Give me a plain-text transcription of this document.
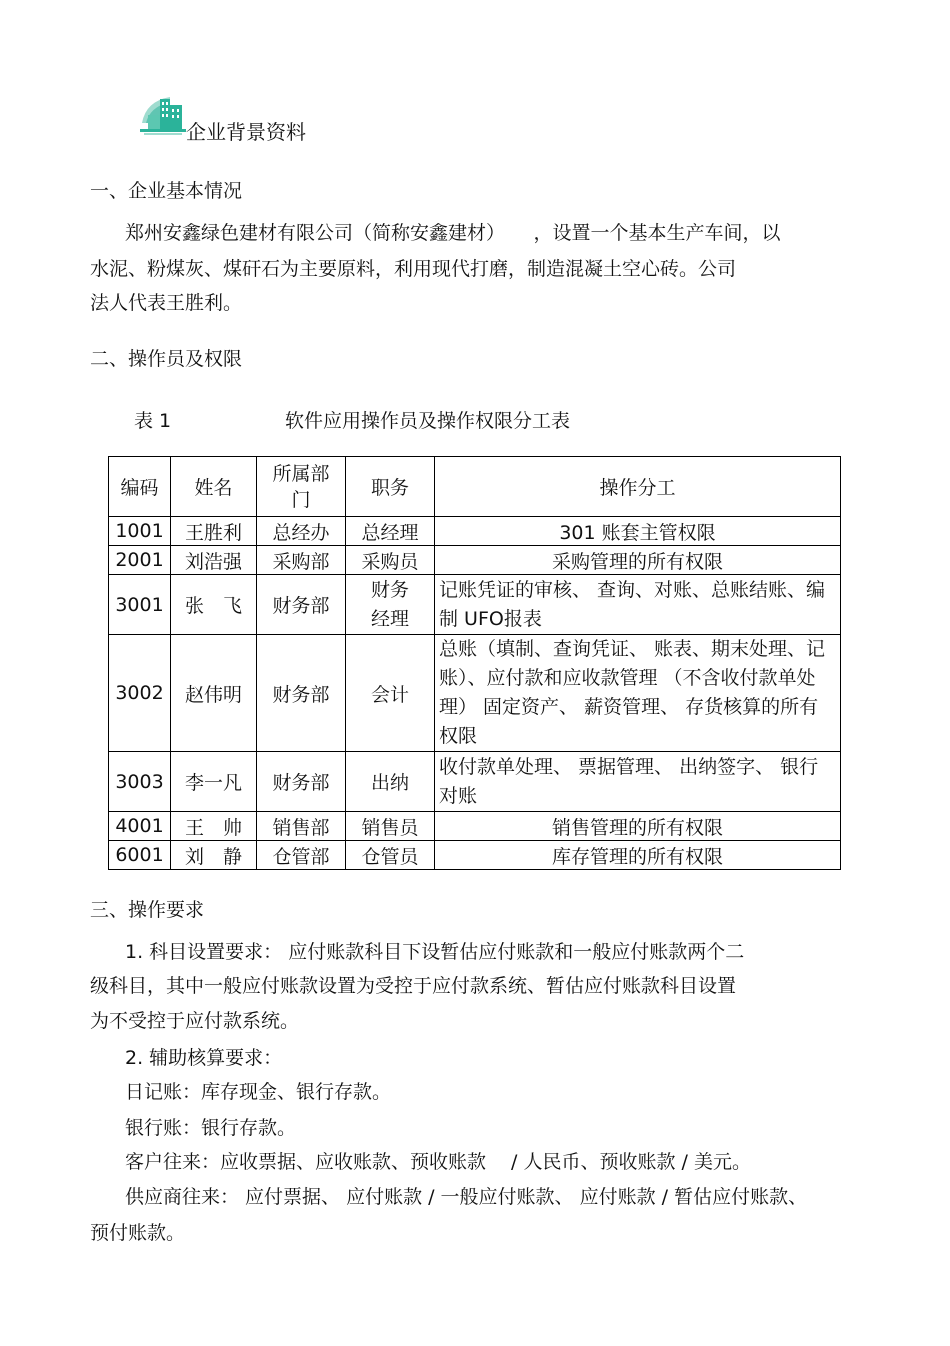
企业背景资料
一、企业基本情况
郑州安鑫绿色建材有限公司（简称安鑫建材）　　，设置一个基本生产车间，以
水泥、粉煤灰、煤矸石为主要原料，利用现代打磨，制造混凝土空心砖。公司
法人代表王胜利。
二、操作员及权限
表 1	软件应用操作员及操作权限分工表
编码	姓名	所属部门	职务	操作分工
1001	王胜利	总经办	总经理	301 账套主管权限
2001	刘浩强	采购部	采购员	采购管理的所有权限
3001	张　飞	财务部	财务经理	记账凭证的审核、 查询、对账、总账结账、编制 UFO报表
3002	赵伟明	财务部	会计	总账（填制、查询凭证、 账表、期末处理、记账）、应付款和应收款管理 （不含收付款单处理） 固定资产、 薪资管理、 存货核算的所有权限
3003	李一凡	财务部	出纳	收付款单处理、 票据管理、 出纳签字、 银行对账
4001	王　帅	销售部	销售员	销售管理的所有权限
6001	刘　静	仓管部	仓管员	库存管理的所有权限
三、操作要求
1. 科目设置要求： 应付账款科目下设暂估应付账款和一般应付账款两个二
级科目，其中一般应付账款设置为受控于应付款系统、暂估应付账款科目设置
为不受控于应付款系统。
2. 辅助核算要求：
日记账：库存现金、银行存款。
银行账：银行存款。
客户往来：应收票据、应收账款、预收账款　 / 人民币、预收账款 / 美元。
供应商往来： 应付票据、 应付账款 / 一般应付账款、 应付账款 / 暂估应付账款、
预付账款。
